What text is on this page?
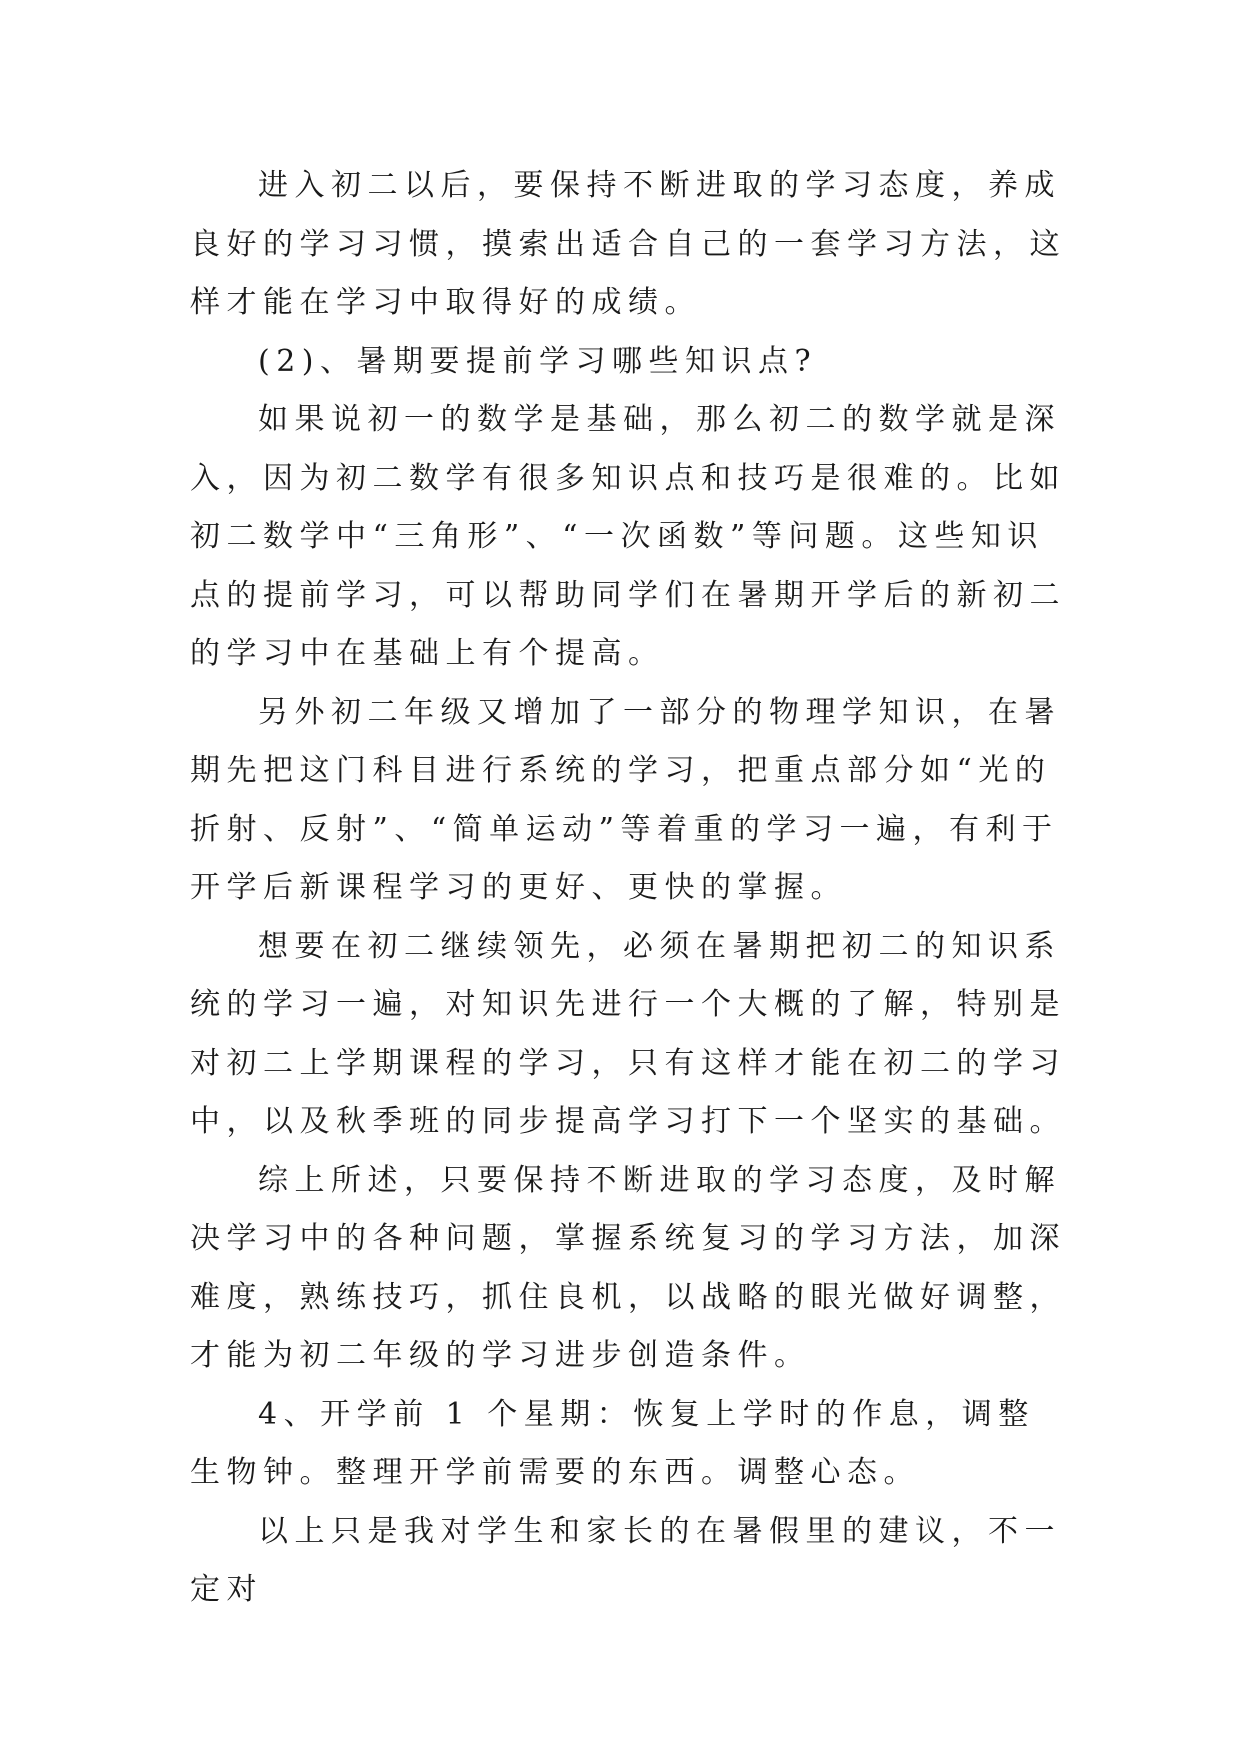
进入初二以后，要保持不断进取的学习态度，养成良好的学习习惯，摸索出适合自己的一套学习方法，这样才能在学习中取得好的成绩。

(2)、暑期要提前学习哪些知识点?

如果说初一的数学是基础，那么初二的数学就是深入，因为初二数学有很多知识点和技巧是很难的。比如初二数学中“三角形”、“一次函数”等问题。这些知识点的提前学习，可以帮助同学们在暑期开学后的新初二的学习中在基础上有个提高。

另外初二年级又增加了一部分的物理学知识，在暑期先把这门科目进行系统的学习，把重点部分如“光的折射、反射”、“简单运动”等着重的学习一遍，有利于开学后新课程学习的更好、更快的掌握。

想要在初二继续领先，必须在暑期把初二的知识系统的学习一遍，对知识先进行一个大概的了解，特别是对初二上学期课程的学习，只有这样才能在初二的学习中，以及秋季班的同步提高学习打下一个坚实的基础。

综上所述，只要保持不断进取的学习态度，及时解决学习中的各种问题，掌握系统复习的学习方法，加深难度，熟练技巧，抓住良机，以战略的眼光做好调整，才能为初二年级的学习进步创造条件。

4、开学前 1 个星期：恢复上学时的作息，调整生物钟。整理开学前需要的东西。调整心态。

以上只是我对学生和家长的在暑假里的建议，不一定对
